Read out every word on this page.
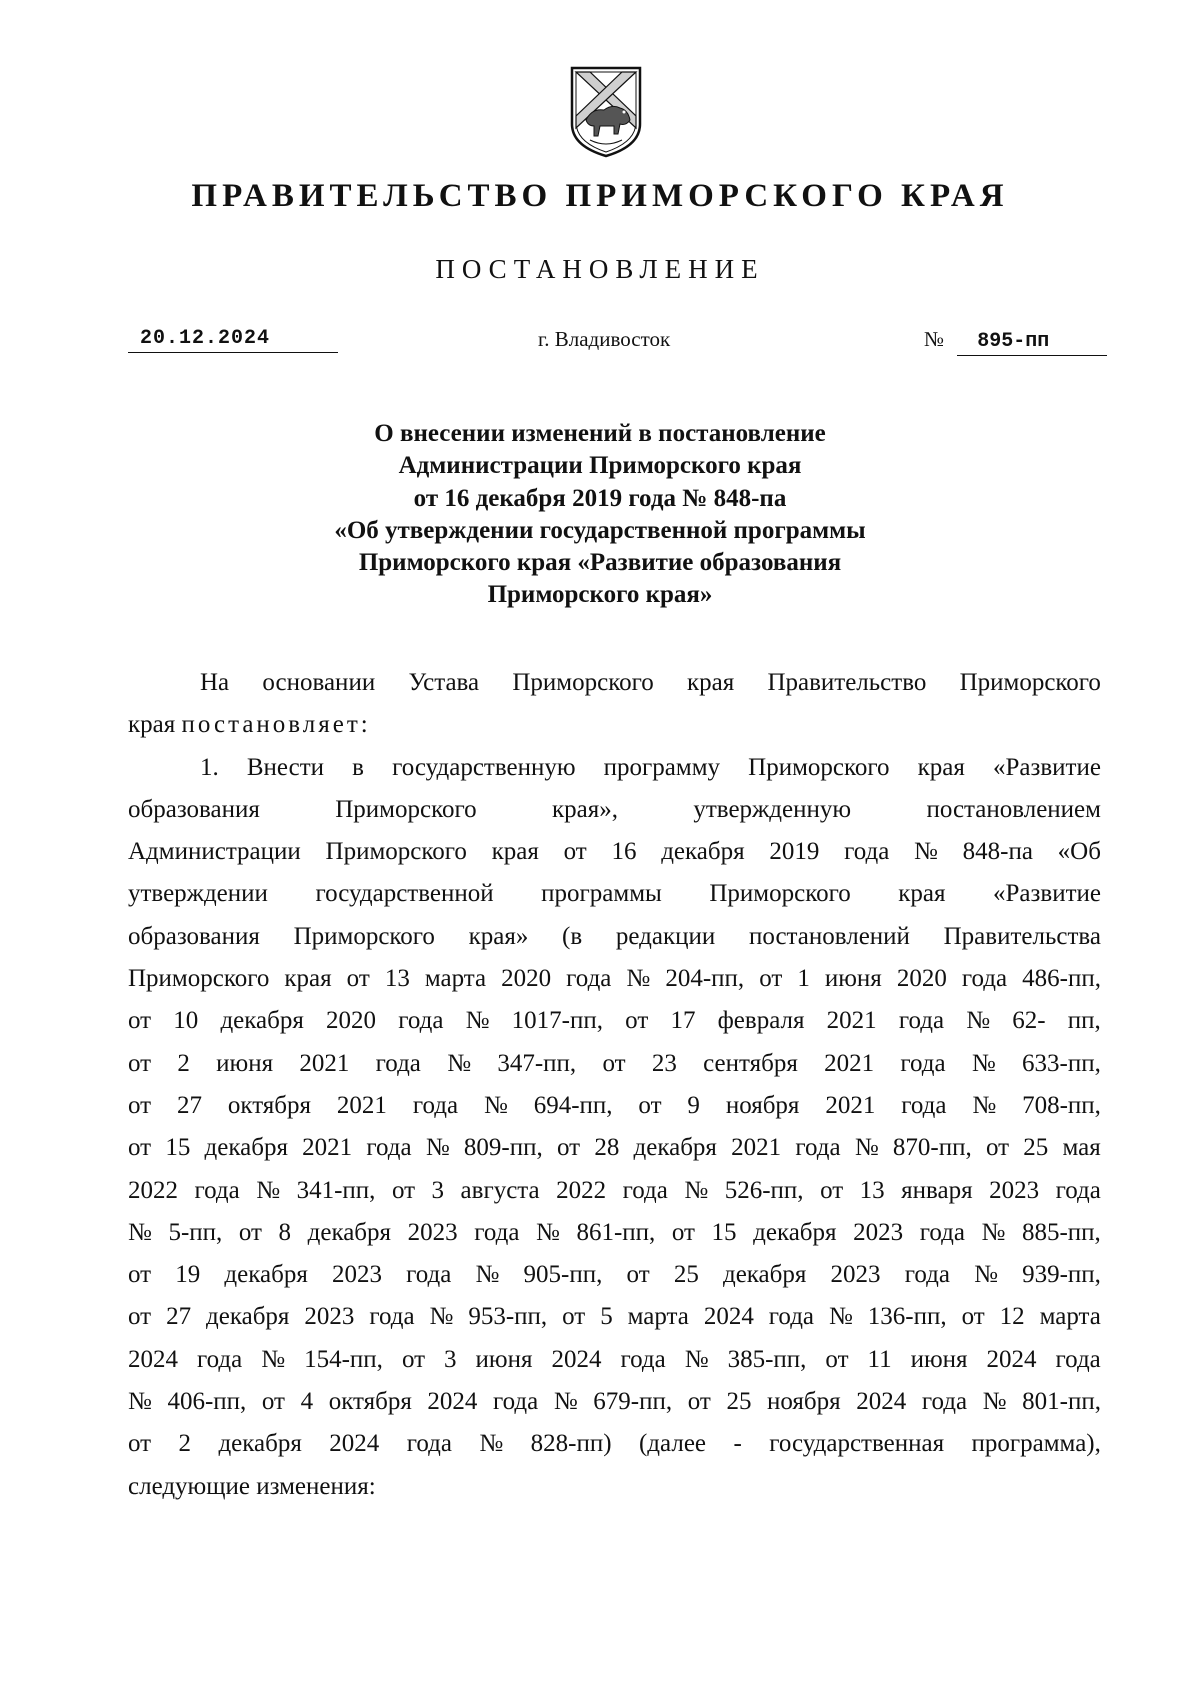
ПРАВИТЕЛЬСТВО ПРИМОРСКОГО КРАЯ
ПОСТАНОВЛЕНИЕ
20.12.2024	г. Владивосток	№ 895-пп
О внесении изменений в постановление
Администрации Приморского края
от 16 декабря 2019 года № 848-па
«Об утверждении государственной программы
Приморского края «Развитие образования
Приморского края»
На основании Устава Приморского края Правительство Приморского
края постановляет:
1. Внести в государственную программу Приморского края «Развитие
образования	Приморского	края»,	утвержденную	постановлением
Администрации Приморского края от 16 декабря 2019 года № 848-па «Об
утверждении государственной программы Приморского края «Развитие
образования Приморского края» (в редакции постановлений Правительства
Приморского края от 13 марта 2020 года № 204-пп, от 1 июня 2020 года 486-пп,
от 10 декабря 2020 года № 1017-пп, от 17 февраля 2021 года № 62- пп,
от 2 июня 2021 года № 347-пп, от 23 сентября 2021 года № 633-пп,
от 27 октября 2021 года № 694-пп, от 9 ноября 2021 года № 708-пп,
от 15 декабря 2021 года № 809-пп, от 28 декабря 2021 года № 870-пп, от 25 мая
2022 года № 341-пп, от 3 августа 2022 года № 526-пп, от 13 января 2023 года
№ 5-пп, от 8 декабря 2023 года № 861-пп, от 15 декабря 2023 года № 885-пп,
от 19 декабря 2023 года № 905-пп, от 25 декабря 2023 года № 939-пп,
от 27 декабря 2023 года № 953-пп, от 5 марта 2024 года № 136-пп, от 12 марта
2024 года № 154-пп, от 3 июня 2024 года № 385-пп, от 11 июня 2024 года
№ 406-пп, от 4 октября 2024 года № 679-пп, от 25 ноября 2024 года № 801-пп,
от 2 декабря 2024 года № 828-пп) (далее - государственная программа),
следующие изменения:
